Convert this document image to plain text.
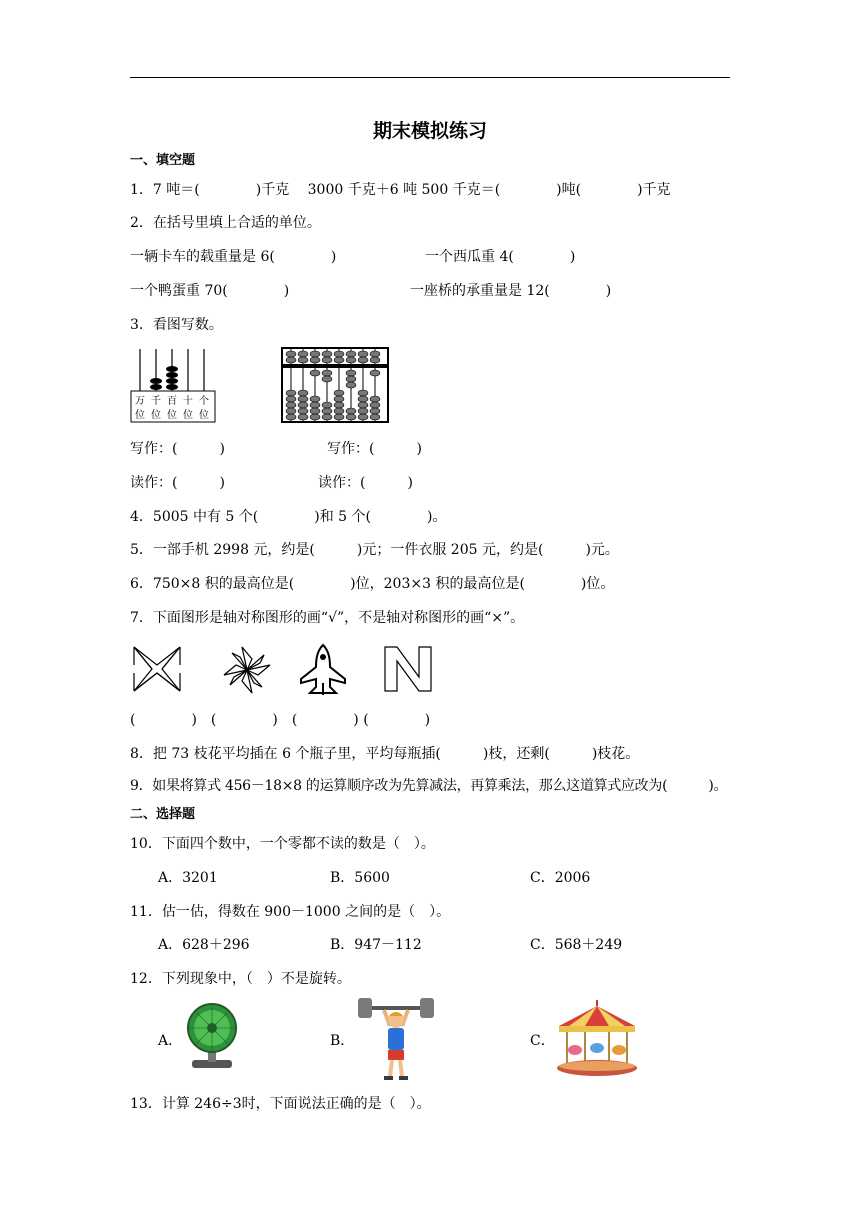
期末模拟练习
一、填空题
1．7 吨＝(　　　　)千克　 3000 千克＋6 吨 500 千克＝(　　　　)吨(　　　　)千克
2．在括号里填上合适的单位。
一辆卡车的载重量是 6(　　　　)	一个西瓜重 4(　　　　)
一个鸭蛋重 70(　　　　)	一座桥的承重量是 12(　　　　)
3．看图写数。
万 千 百 十 个
位 位 位 位 位
写作：(　　　)	写作：(　　　)
读作：(　　　)	读作：(　　　)
4．5005 中有 5 个(　　　　)和 5 个(　　　　)。
5．一部手机 2998 元，约是(　　　)元；一件衣服 205 元，约是(　　　)元。
6．750×8 积的最高位是(　　　　)位，203×3 积的最高位是(　　　　)位。
7．下面图形是轴对称图形的画“√”，不是轴对称图形的画“×”。
(　　　　)　(　　　　)　(　　　　) (　　　　)
8．把 73 枝花平均插在 6 个瓶子里，平均每瓶插(　　　)枝，还剩(　　　)枝花。
9．如果将算式 456－18×8 的运算顺序改为先算减法，再算乘法，那么这道算式应改为(　　　)。
二、选择题
10．下面四个数中，一个零都不读的数是（　）。
A．3201	B．5600	C．2006
11．估一估，得数在 900－1000 之间的是（　）。
A．628＋296	B．947－112	C．568＋249
12．下列现象中，（　）不是旋转。
A．	B．	C．
13．计算 246÷3时，下面说法正确的是（　）。
